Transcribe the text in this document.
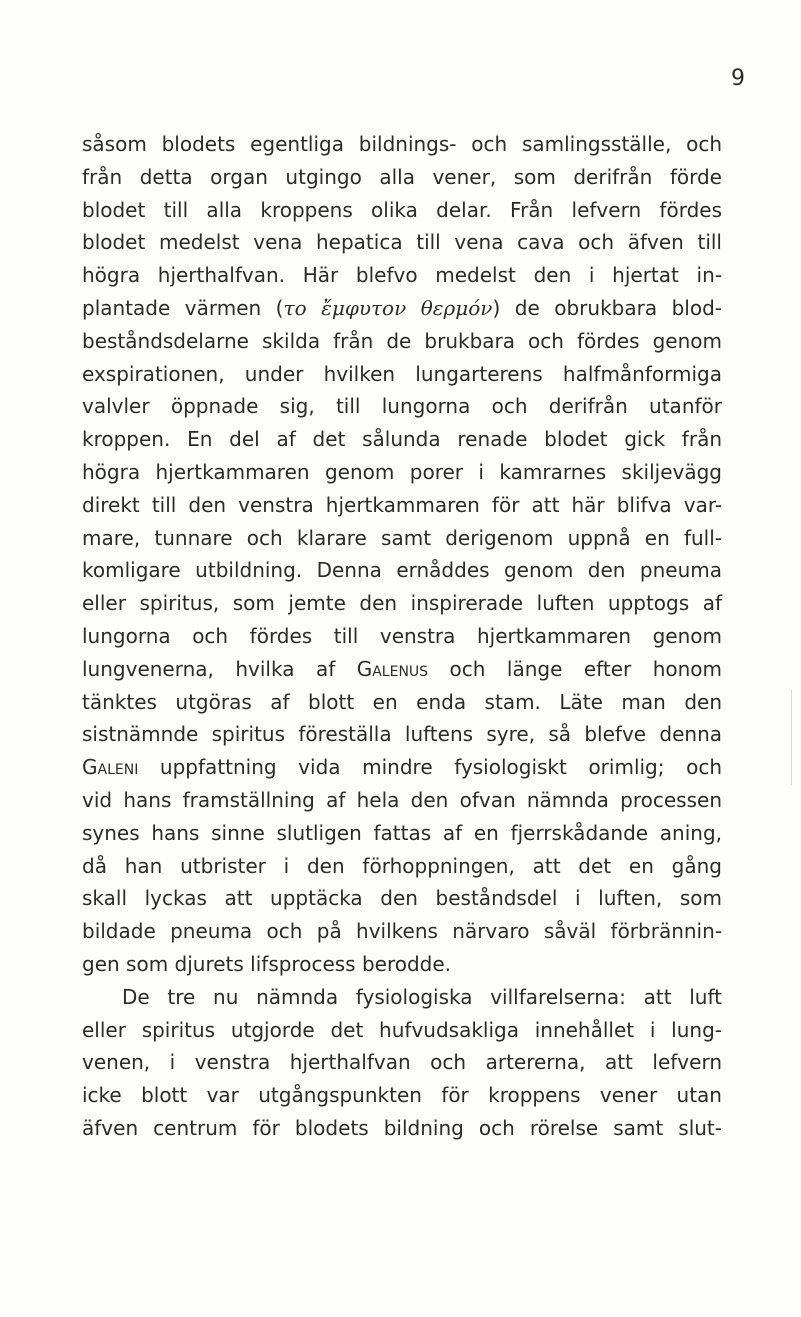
9
såsom blodets egentliga bildnings- och samlingsställe, och
från detta organ utgingo alla vener, som derifrån förde
blodet till alla kroppens olika delar. Från lefvern fördes
blodet medelst vena hepatica till vena cava och äfven till
högra hjerthalfvan. Här blefvo medelst den i hjertat in-
plantade värmen (το ἔμφυτον θερμόν) de obrukbara blod-
beståndsdelarne skilda från de brukbara och fördes genom
exspirationen, under hvilken lungarterens halfmånformiga
valvler öppnade sig, till lungorna och derifrån utanför
kroppen. En del af det sålunda renade blodet gick från
högra hjertkammaren genom porer i kamrarnes skiljevägg
direkt till den venstra hjertkammaren för att här blifva var-
mare, tunnare och klarare samt derigenom uppnå en full-
komligare utbildning. Denna ernåddes genom den pneuma
eller spiritus, som jemte den inspirerade luften upptogs af
lungorna och fördes till venstra hjertkammaren genom
lungvenerna, hvilka af Galenus och länge efter honom
tänktes utgöras af blott en enda stam. Läte man den
sistnämnde spiritus föreställa luftens syre, så blefve denna
Galeni uppfattning vida mindre fysiologiskt orimlig; och
vid hans framställning af hela den ofvan nämnda processen
synes hans sinne slutligen fattas af en fjerrskådande aning,
då han utbrister i den förhoppningen, att det en gång
skall lyckas att upptäcka den beståndsdel i luften, som
bildade pneuma och på hvilkens närvaro såväl förbrännin-
gen som djurets lifsprocess berodde.
De tre nu nämnda fysiologiska villfarelserna: att luft
eller spiritus utgjorde det hufvudsakliga innehållet i lung-
venen, i venstra hjerthalfvan och artererna, att lefvern
icke blott var utgångspunkten för kroppens vener utan
äfven centrum för blodets bildning och rörelse samt slut-
